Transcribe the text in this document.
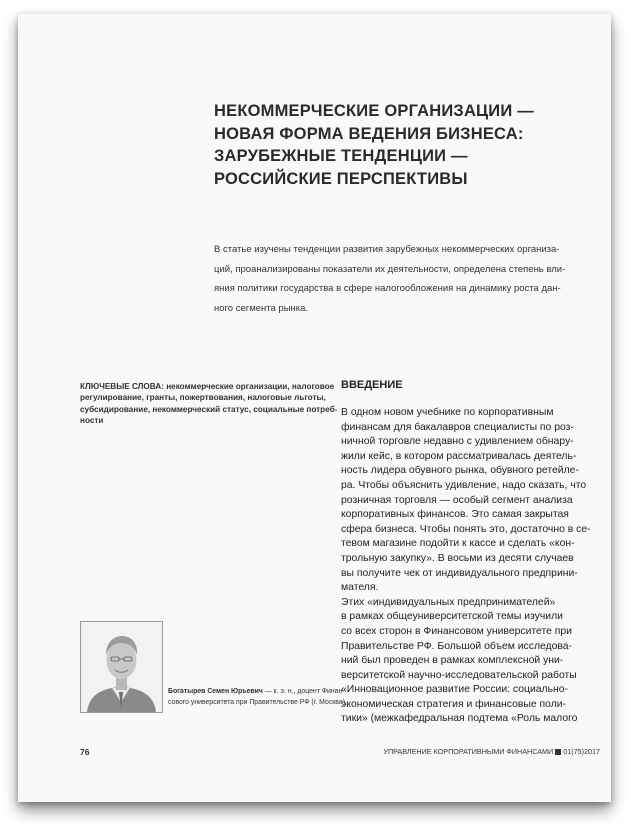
НЕКОММЕРЧЕСКИЕ ОРГАНИЗАЦИИ —
НОВАЯ ФОРМА ВЕДЕНИЯ БИЗНЕСА:
ЗАРУБЕЖНЫЕ ТЕНДЕНЦИИ —
РОССИЙСКИЕ ПЕРСПЕКТИВЫ
В статье изучены тенденции развития зарубежных некоммерческих организа-
ций, проанализированы показатели их деятельности, определена степень вли-
яния политики государства в сфере налогообложения на динамику роста дан-
ного сегмента рынка.
КЛЮЧЕВЫЕ СЛОВА: некоммерческие организации, налоговое
регулирование, гранты, пожертвования, налоговые льготы,
субсидирование, некоммерческий статус, социальные потреб-
ности
ВВЕДЕНИЕ
В одном новом учебнике по корпоративным
финансам для бакалавров специалисты по роз-
ничной торговле недавно с удивлением обнару-
жили кейс, в котором рассматривалась деятель-
ность лидера обувного рынка, обувного ретейле-
ра. Чтобы объяснить удивление, надо сказать, что
розничная торговля — особый сегмент анализа
корпоративных финансов. Это самая закрытая
сфера бизнеса. Чтобы понять это, достаточно в се-
тевом магазине подойти к кассе и сделать «кон-
трольную закупку». В восьми из десяти случаев
вы получите чек от индивидуального предприни-
мателя.
Этих «индивидуальных предпринимателей»
в рамках общеуниверситетской темы изучили
со всех сторон в Финансовом университете при
Правительстве РФ. Большой объем исследова-
ний был проведен в рамках комплексной уни-
верситетской научно-исследовательской работы
«Инновационное развитие России: социально-
экономическая стратегия и финансовые поли-
тики» (межкафедральная подтема «Роль малого
Богатырев Семен Юрьевич — к. э. н., доцент Финан-
сового университета при Правительстве РФ (г. Москва)
76	УПРАВЛЕНИЕ КОРПОРАТИВНЫМИ ФИНАНСАМИ 01(75)2017
